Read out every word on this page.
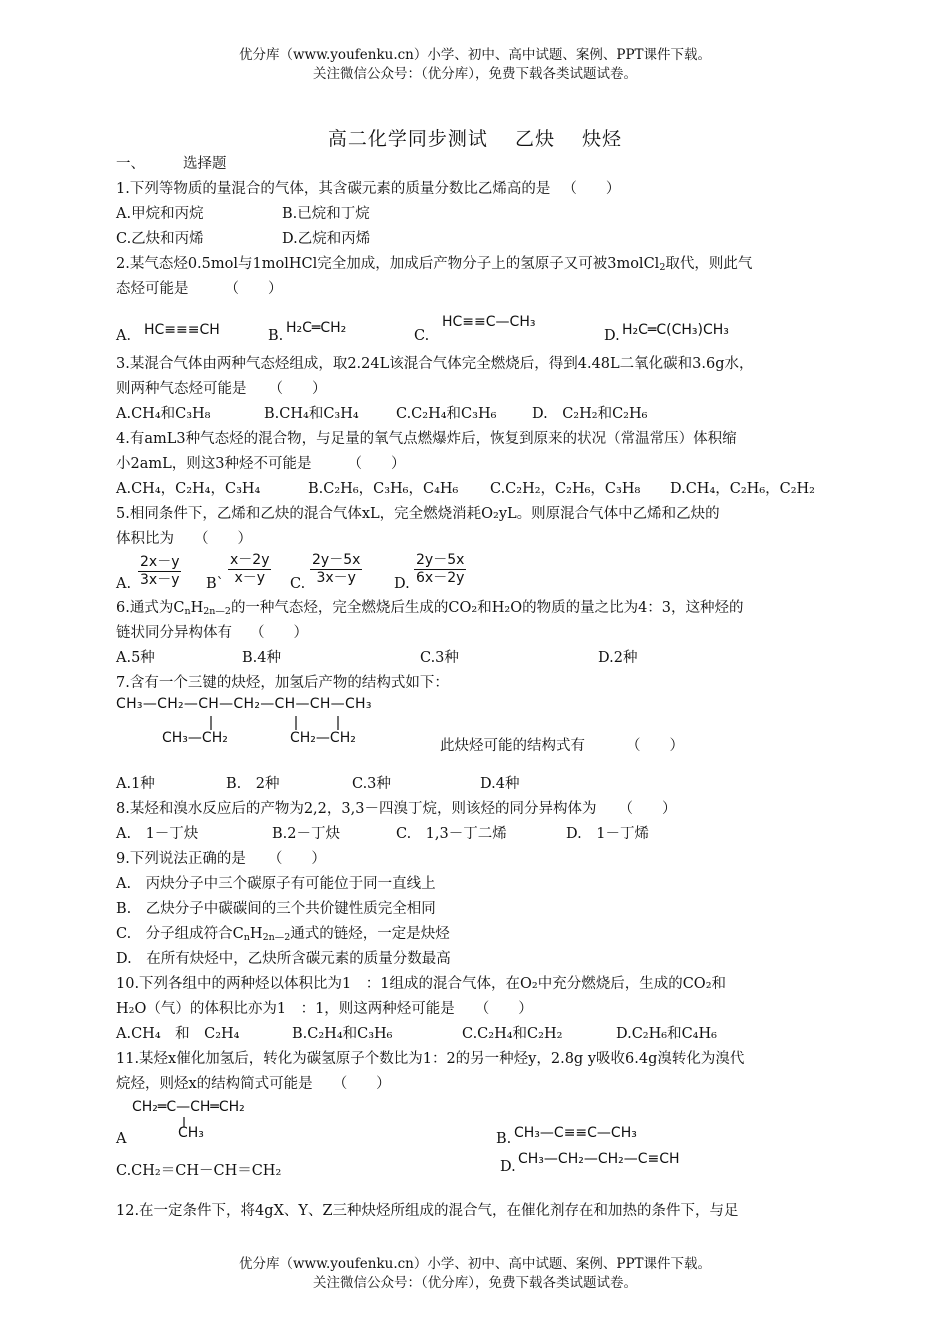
优分库（www.youfenku.cn）小学、初中、高中试题、案例、PPT课件下载。
关注微信公众号：（优分库），免费下载各类试题试卷。
高二化学同步测试 乙炔 炔烃
一、	选择题
1.下列等物质的量混合的气体，其含碳元素的质量分数比乙烯高的是 （　　）
A.甲烷和丙烷	B.已烷和丁烷
C.乙炔和丙烯	D.乙烷和丙烯
2.某气态烃0.5mol与1molHCl完全加成，加成后产物分子上的氢原子又可被3molCl$_2$取代，则此气
态烃可能是 （　　）
A． HC≡≡≡CH	B. H₂C═CH₂	C.
HC≡≡C—CH₃
D. H₂C═C(CH₃)CH₃
3.某混合气体由两种气态烃组成，取2.24L该混合气体完全燃烧后，得到4.48L二氧化碳和3.6g水，
则两种气态烃可能是 （　　）
A.CH₄和C₃H₈	B.CH₄和C₃H₄	C.C₂H₄和C₃H₆	D.　C₂H₂和C₂H₆
4.有amL3种气态烃的混合物，与足量的氧气点燃爆炸后，恢复到原来的状况（常温常压）体积缩
小2amL，则这3种烃不可能是 （　　）
A.CH₄，C₂H₄，C₃H₄	B.C₂H₆，C₃H₆，C₄H₆	C.C₂H₂，C₂H₆，C₃H₈	D.CH₄，C₂H₆，C₂H₂
5.相同条件下，乙烯和乙炔的混合气体xL，完全燃烧消耗O₂yL。则原混合气体中乙烯和乙炔的
体积比为 （　　）
A. $\frac{2x-y}{3x-y}$ B` $\frac{x-2y}{x-y} C$. $\frac{2y-5x}{3x-y} D$. $\frac{2y-5x}{6x-2y}$
6.通式为$C_nH_{2n—2}$的一种气态烃，完全燃烧后生成的CO₂和H₂O的物质的量之比为4：3，这种烃的
链状同分异构体有 （　　）
A.5种	B.4种	C.3种	D.2种
7.含有一个三键的炔烃，加氢后产物的结构式如下：
CH₃—CH₂—CH—CH₂—CH—CH—CH₃
CH₃—CH₂	CH₂—CH₂	此炔烃可能的结构式有	（　　）
A.1种	B.　2种	C.3种	D.4种
8.某烃和溴水反应后的产物为2,2，3,3－四溴丁烷，则该烃的同分异构体为 （　　）
A.　1－丁炔	B.2－丁炔	C.　1,3－丁二烯	D.　1－丁烯
9.下列说法正确的是 （　　）
A.　丙炔分子中三个碳原子有可能位于同一直线上
B.　乙炔分子中碳碳间的三个共价键性质完全相同
C.　分子组成符合$C_nH_{2n—2}$通式的链烃，一定是炔烃
D.　在所有炔烃中，乙炔所含碳元素的质量分数最高
10.下列各组中的两种烃以体积比为1　：1组成的混合气体，在O₂中充分燃烧后，生成的CO₂和
H₂O（气）的体积比亦为1　：1，则这两种烃可能是 （　　）
A.CH₄　和　C₂H₄	B.C₂H₄和C₃H₆	C.C₂H₄和C₂H₂	D.C₂H₆和C₄H₆
11.某烃x催化加氢后，转化为碳氢原子个数比为1：2的另一种烃y，2.8g y吸收6.4g溴转化为溴代
烷烃，则烃x的结构简式可能是 （　　）
CH₂═C—CH═CH₂
CH₃
A	B. CH₃—C≡≡C—CH₃
C.CH₂＝CH－CH＝CH₂	D. CH₃—CH₂—CH₂—C≡CH
12.在一定条件下，将4gX、Y、Z三种炔烃所组成的混合气，在催化剂存在和加热的条件下，与足
优分库（www.youfenku.cn）小学、初中、高中试题、案例、PPT课件下载。
关注微信公众号：（优分库），免费下载各类试题试卷。
